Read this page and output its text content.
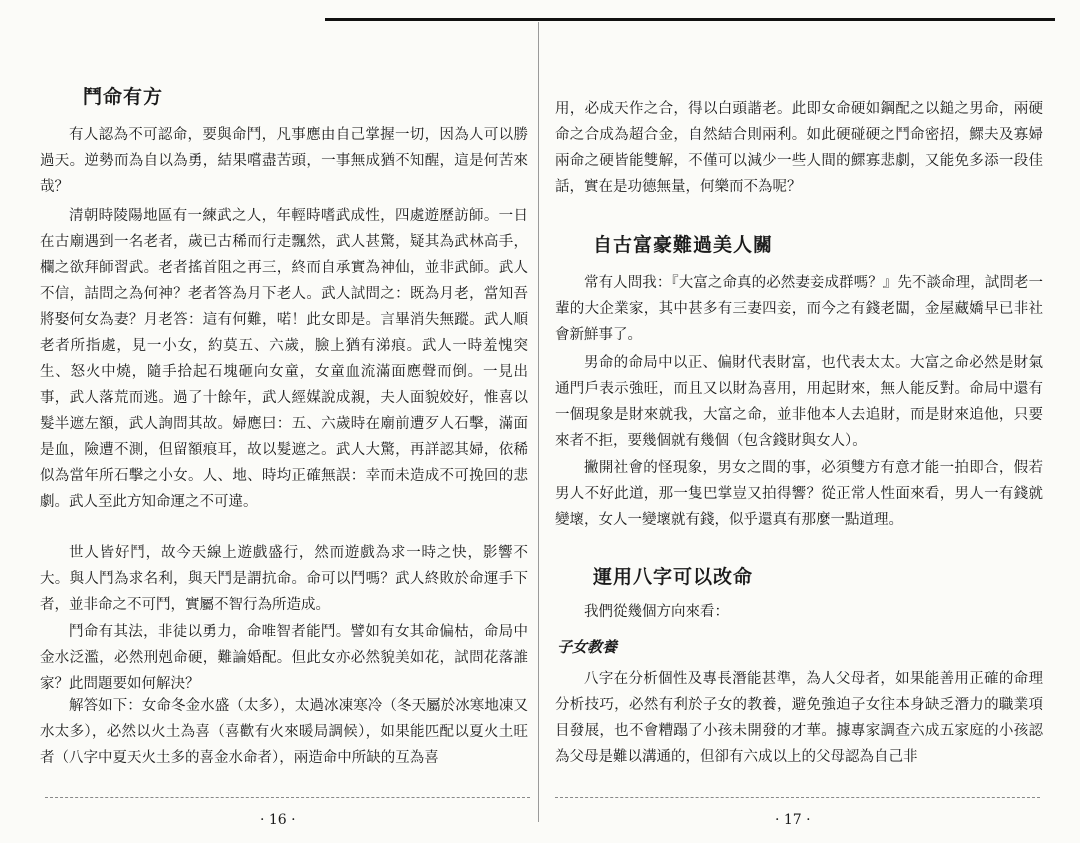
鬥命有方

有人認為不可認命，要與命鬥，凡事應由自己掌握一切，因為人可以勝過天。逆勢而為自以為勇，結果嚐盡苦頭，一事無成猶不知醒，這是何苦來哉？

清朝時陵陽地區有一練武之人，年輕時嗜武成性，四處遊歷訪師。一日在古廟遇到一名老者，歲已古稀而行走飄然，武人甚驚，疑其為武林高手，欄之欲拜師習武。老者搖首阻之再三，終而自承實為神仙，並非武師。武人不信，詰問之為何神？老者答為月下老人。武人試問之：既為月老，當知吾將娶何女為妻？月老答：這有何難，喏！此女即是。言畢消失無蹤。武人順老者所指處，見一小女，約莫五、六歲，臉上猶有涕痕。武人一時羞愧突生、怒火中燒，隨手拾起石塊砸向女童，女童血流滿面應聲而倒。一見出事，武人落荒而逃。過了十餘年，武人經媒說成親，夫人面貌姣好，惟喜以髮半遮左額，武人詢問其故。婦應曰：五、六歲時在廟前遭歹人石擊，滿面是血，險遭不測，但留額痕耳，故以髮遮之。武人大驚，再詳認其婦，依稀似為當年所石擊之小女。人、地、時均正確無誤：幸而未造成不可挽回的悲劇。武人至此方知命運之不可違。

世人皆好鬥，故今天線上遊戲盛行，然而遊戲為求一時之快，影響不大。與人鬥為求名利，與天鬥是謂抗命。命可以鬥嗎？武人終敗於命運手下者，並非命之不可鬥，實屬不智行為所造成。

鬥命有其法，非徒以勇力，命唯智者能鬥。譬如有女其命偏枯，命局中金水泛濫，必然刑剋命硬，難論婚配。但此女亦必然貌美如花，試問花落誰家？此問題要如何解決？

解答如下：女命冬金水盛（太多），太過冰凍寒冷（冬天屬於冰寒地凍又水太多），必然以火土為喜（喜歡有火來暖局調候），如果能匹配以夏火土旺者（八字中夏天火土多的喜金水命者），兩造命中所缺的互為喜

· 16 ·

用，必成天作之合，得以白頭諧老。此即女命硬如鋼配之以鎚之男命，兩硬命之合成為超合金，自然結合則兩利。如此硬碰硬之鬥命密招，鰥夫及寡婦兩命之硬皆能雙解，不僅可以減少一些人間的鰥寡悲劇，又能免多添一段佳話，實在是功德無量，何樂而不為呢？

自古富豪難過美人關

常有人問我：『大富之命真的必然妻妾成群嗎？』先不談命理，試問老一輩的大企業家，其中甚多有三妻四妾，而今之有錢老闆，金屋藏嬌早已非社會新鮮事了。

男命的命局中以正、偏財代表財富，也代表太太。大富之命必然是財氣通門戶表示強旺，而且又以財為喜用，用起財來，無人能反對。命局中還有一個現象是財來就我，大富之命，並非他本人去追財，而是財來追他，只要來者不拒，要幾個就有幾個（包含錢財與女人）。

撇開社會的怪現象，男女之間的事，必須雙方有意才能一拍即合，假若男人不好此道，那一隻巴掌豈又拍得響？從正常人性面來看，男人一有錢就變壞，女人一變壞就有錢，似乎還真有那麼一點道理。

運用八字可以改命

我們從幾個方向來看：

子女教養

八字在分析個性及專長潛能甚準，為人父母者，如果能善用正確的命理分析技巧，必然有利於子女的教養，避免強迫子女往本身缺乏潛力的職業項目發展，也不會糟蹋了小孩未開發的才華。據專家調查六成五家庭的小孩認為父母是難以溝通的，但卻有六成以上的父母認為自己非

· 17 ·
